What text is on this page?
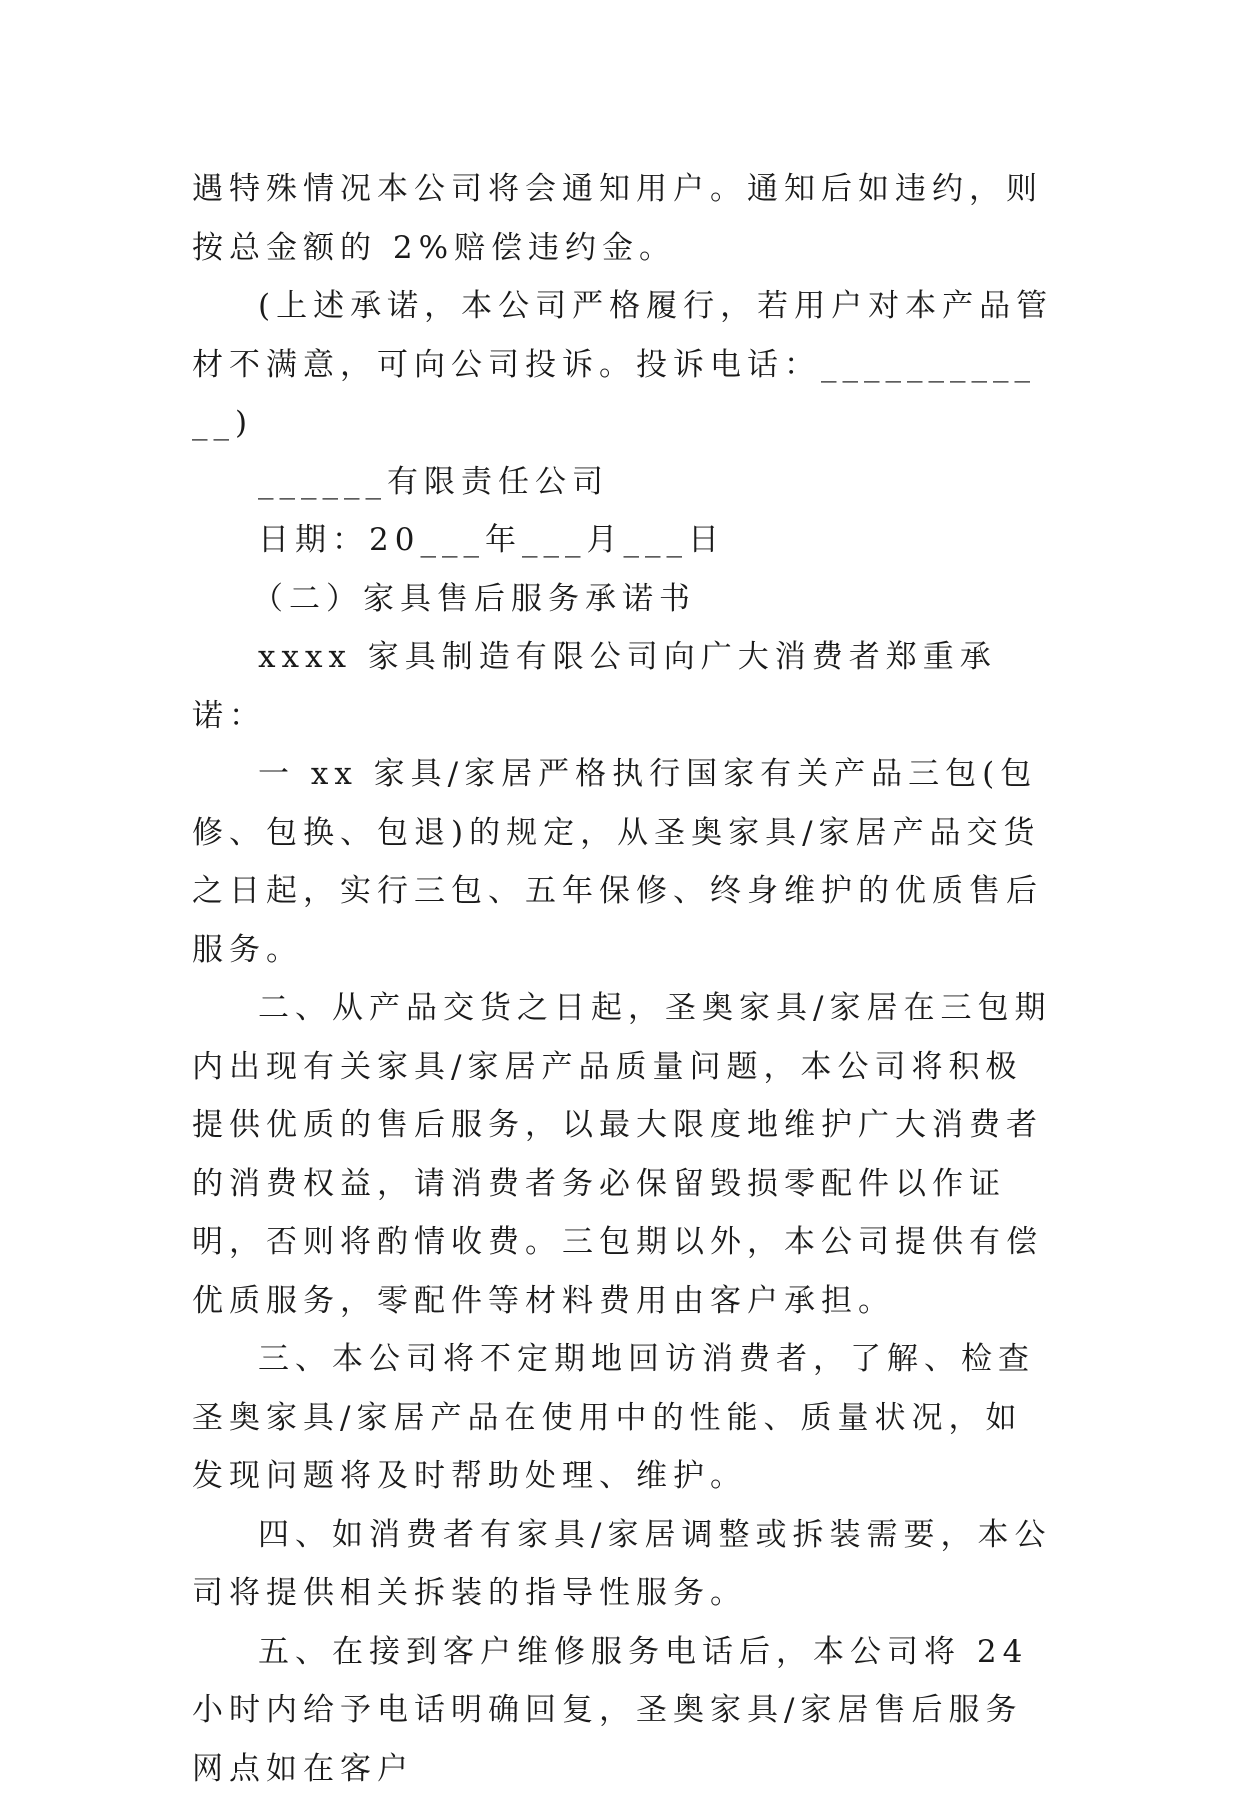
遇特殊情况本公司将会通知用户。通知后如违约，则按总金额的 2%赔偿违约金。

(上述承诺，本公司严格履行，若用户对本产品管材不满意，可向公司投诉。投诉电话：____________)

______有限责任公司

日期：20___年___月___日

（二）家具售后服务承诺书

xxxx 家具制造有限公司向广大消费者郑重承诺：

一 xx 家具/家居严格执行国家有关产品三包(包修、包换、包退)的规定，从圣奥家具/家居产品交货之日起，实行三包、五年保修、终身维护的优质售后服务。

二、从产品交货之日起，圣奥家具/家居在三包期内出现有关家具/家居产品质量问题，本公司将积极提供优质的售后服务，以最大限度地维护广大消费者的消费权益，请消费者务必保留毁损零配件以作证明，否则将酌情收费。三包期以外，本公司提供有偿优质服务，零配件等材料费用由客户承担。

三、本公司将不定期地回访消费者，了解、检查圣奥家具/家居产品在使用中的性能、质量状况，如发现问题将及时帮助处理、维护。

四、如消费者有家具/家居调整或拆装需要，本公司将提供相关拆装的指导性服务。

五、在接到客户维修服务电话后，本公司将 24 小时内给予电话明确回复，圣奥家具/家居售后服务网点如在客户
